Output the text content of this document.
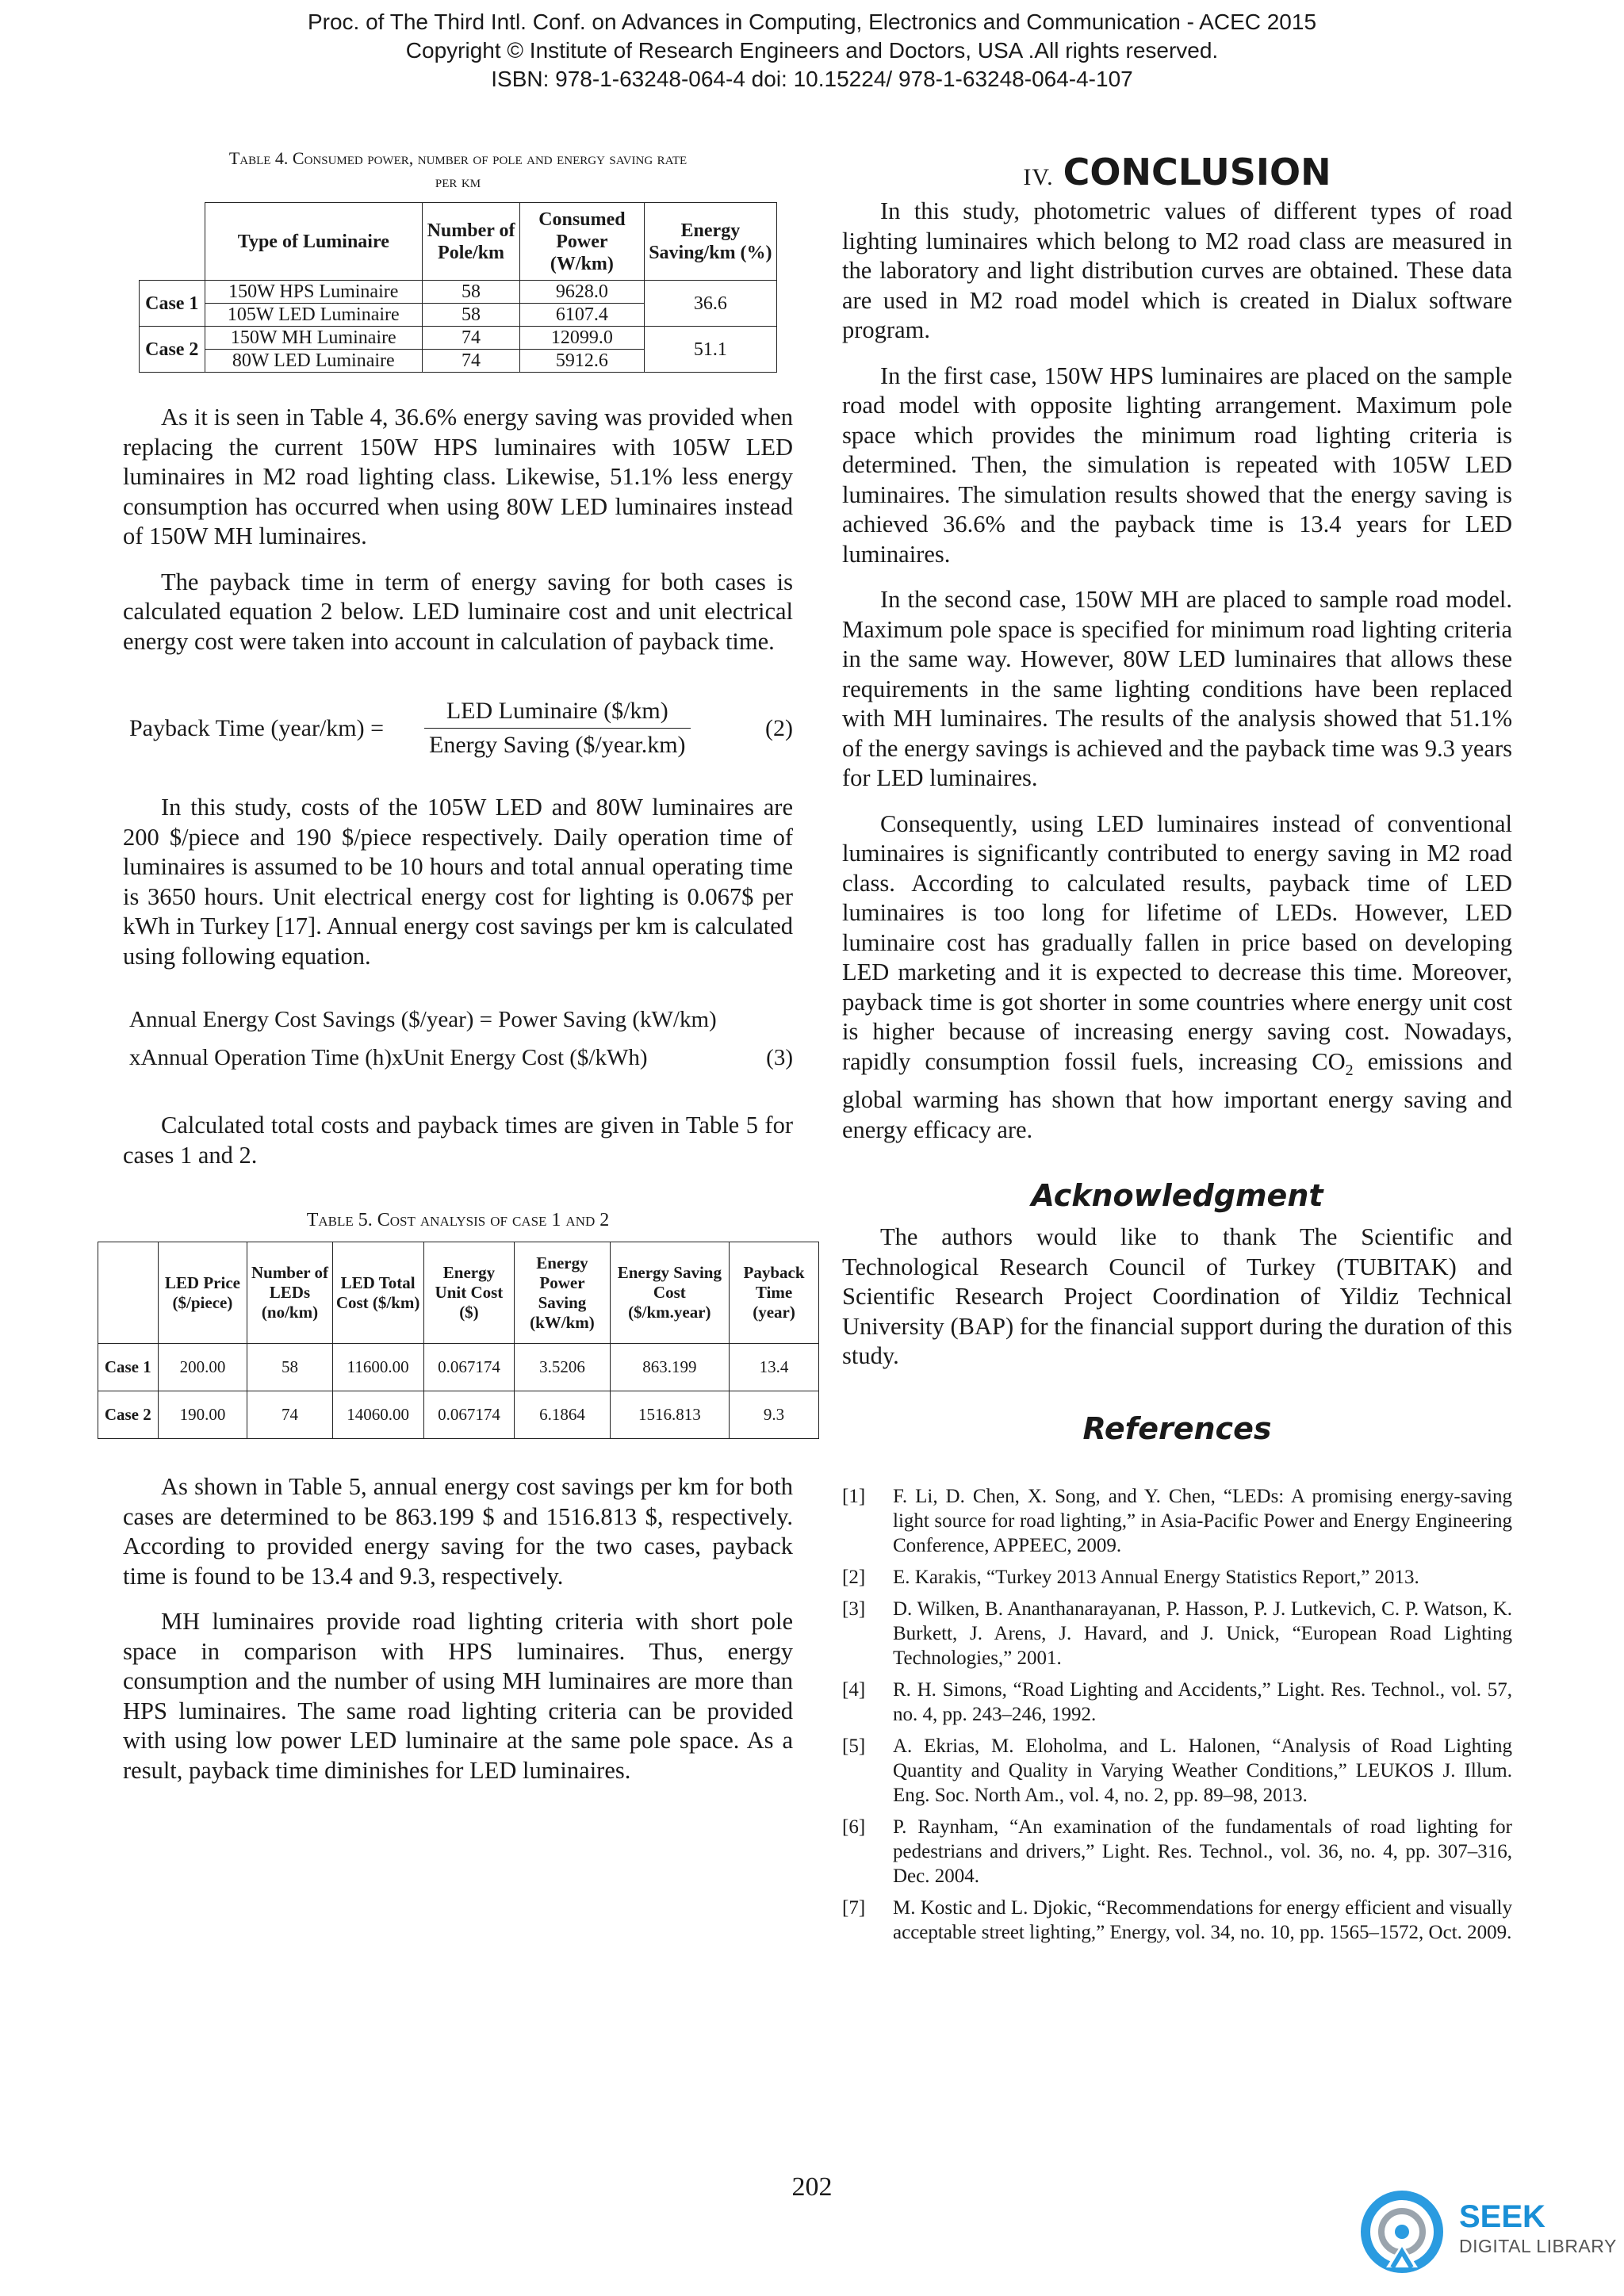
Proc. of The Third Intl. Conf. on Advances in Computing, Electronics and Communication - ACEC 2015
Copyright © Institute of Research Engineers and Doctors, USA .All rights reserved.
ISBN: 978-1-63248-064-4 doi: 10.15224/ 978-1-63248-064-4-107
Table 4. Consumed power, number of pole and energy saving rate
per km
	Type of Luminaire	Number of Pole/km	Consumed Power (W/km)	Energy Saving/km (%)
Case 1	150W HPS Luminaire	58	9628.0	36.6
	105W LED Luminaire	58	6107.4	
Case 2	150W MH Luminaire	74	12099.0	51.1
	80W LED Luminaire	74	5912.6	

As it is seen in Table 4, 36.6% energy saving was provided when replacing the current 150W HPS luminaires with 105W LED luminaires in M2 road lighting class. Likewise, 51.1% less energy consumption has occurred when using 80W LED luminaires instead of 150W MH luminaires.

The payback time in term of energy saving for both cases is calculated equation 2 below. LED luminaire cost and unit electrical energy cost were taken into account in calculation of payback time.

Payback Time (year/km) =
LED Luminaire ($/km)
Energy Saving ($/year.km)
(2)

In this study, costs of the 105W LED and 80W luminaires are 200 $/piece and 190 $/piece respectively. Daily operation time of luminaires is assumed to be 10 hours and total annual operating time is 3650 hours. Unit electrical energy cost for lighting is 0.067$ per kWh in Turkey [17]. Annual energy cost savings per km is calculated using following equation.

Annual Energy Cost Savings ($/year) = Power Saving (kW/km)
xAnnual Operation Time (h)xUnit Energy Cost ($/kWh)	(3)

Calculated total costs and payback times are given in Table 5 for cases 1 and 2.

Table 5. Cost analysis of case 1 and 2
	LED Price ($/piece)	Number of LEDs (no/km)	LED Total Cost ($/km)	Energy Unit Cost ($)	Energy Power Saving (kW/km)	Energy Saving Cost ($/km.year)	Payback Time (year)
Case 1	200.00	58	11600.00	0.067174	3.5206	863.199	13.4
Case 2	190.00	74	14060.00	0.067174	6.1864	1516.813	9.3

As shown in Table 5, annual energy cost savings per km for both cases are determined to be 863.199 $ and 1516.813 $, respectively. According to provided energy saving for the two cases, payback time is found to be 13.4 and 9.3, respectively.

MH luminaires provide road lighting criteria with short pole space in comparison with HPS luminaires. Thus, energy consumption and the number of using MH luminaires are more than HPS luminaires. The same road lighting criteria can be provided with using low power LED luminaire at the same pole space. As a result, payback time diminishes for LED luminaires.

IV. CONCLUSION

In this study, photometric values of different types of road lighting luminaires which belong to M2 road class are measured in the laboratory and light distribution curves are obtained. These data are used in M2 road model which is created in Dialux software program.

In the first case, 150W HPS luminaires are placed on the sample road model with opposite lighting arrangement. Maximum pole space which provides the minimum road lighting criteria is determined. Then, the simulation is repeated with 105W LED luminaires. The simulation results showed that the energy saving is achieved 36.6% and the payback time is 13.4 years for LED luminaires.

In the second case, 150W MH are placed to sample road model. Maximum pole space is specified for minimum road lighting criteria in the same way. However, 80W LED luminaires that allows these requirements in the same lighting conditions have been replaced with MH luminaires. The results of the analysis showed that 51.1% of the energy savings is achieved and the payback time was 9.3 years for LED luminaires.

Consequently, using LED luminaires instead of conventional luminaires is significantly contributed to energy saving in M2 road class. According to calculated results, payback time of LED luminaires is too long for lifetime of LEDs. However, LED luminaire cost has gradually fallen in price based on developing LED marketing and it is expected to decrease this time. Moreover, payback time is got shorter in some countries where energy unit cost is higher because of increasing energy saving cost. Nowadays, rapidly consumption fossil fuels, increasing $CO_2$ emissions and global warming has shown that how important energy saving and energy efficacy are.

Acknowledgment

The authors would like to thank The Scientific and Technological Research Council of Turkey (TUBITAK) and Scientific Research Project Coordination of Yildiz Technical University (BAP) for the financial support during the duration of this study.

References
[1]	F. Li, D. Chen, X. Song, and Y. Chen, “LEDs: A promising energy-saving light source for road lighting,” in Asia-Pacific Power and Energy Engineering Conference, APPEEC, 2009.
[2]	E. Karakis, “Turkey 2013 Annual Energy Statistics Report,” 2013.
[3]	D. Wilken, B. Ananthanarayanan, P. Hasson, P. J. Lutkevich, C. P. Watson, K. Burkett, J. Arens, J. Havard, and J. Unick, “European Road Lighting Technologies,” 2001.
[4]	R. H. Simons, “Road Lighting and Accidents,” Light. Res. Technol., vol. 57, no. 4, pp. 243–246, 1992.
[5]	A. Ekrias, M. Eloholma, and L. Halonen, “Analysis of Road Lighting Quantity and Quality in Varying Weather Conditions,” LEUKOS J. Illum. Eng. Soc. North Am., vol. 4, no. 2, pp. 89–98, 2013.
[6]	P. Raynham, “An examination of the fundamentals of road lighting for pedestrians and drivers,” Light. Res. Technol., vol. 36, no. 4, pp. 307–316, Dec. 2004.
[7]	M. Kostic and L. Djokic, “Recommendations for energy efficient and visually acceptable street lighting,” Energy, vol. 34, no. 10, pp. 1565–1572, Oct. 2009.
202
SEEK
DIGITAL LIBRARY
